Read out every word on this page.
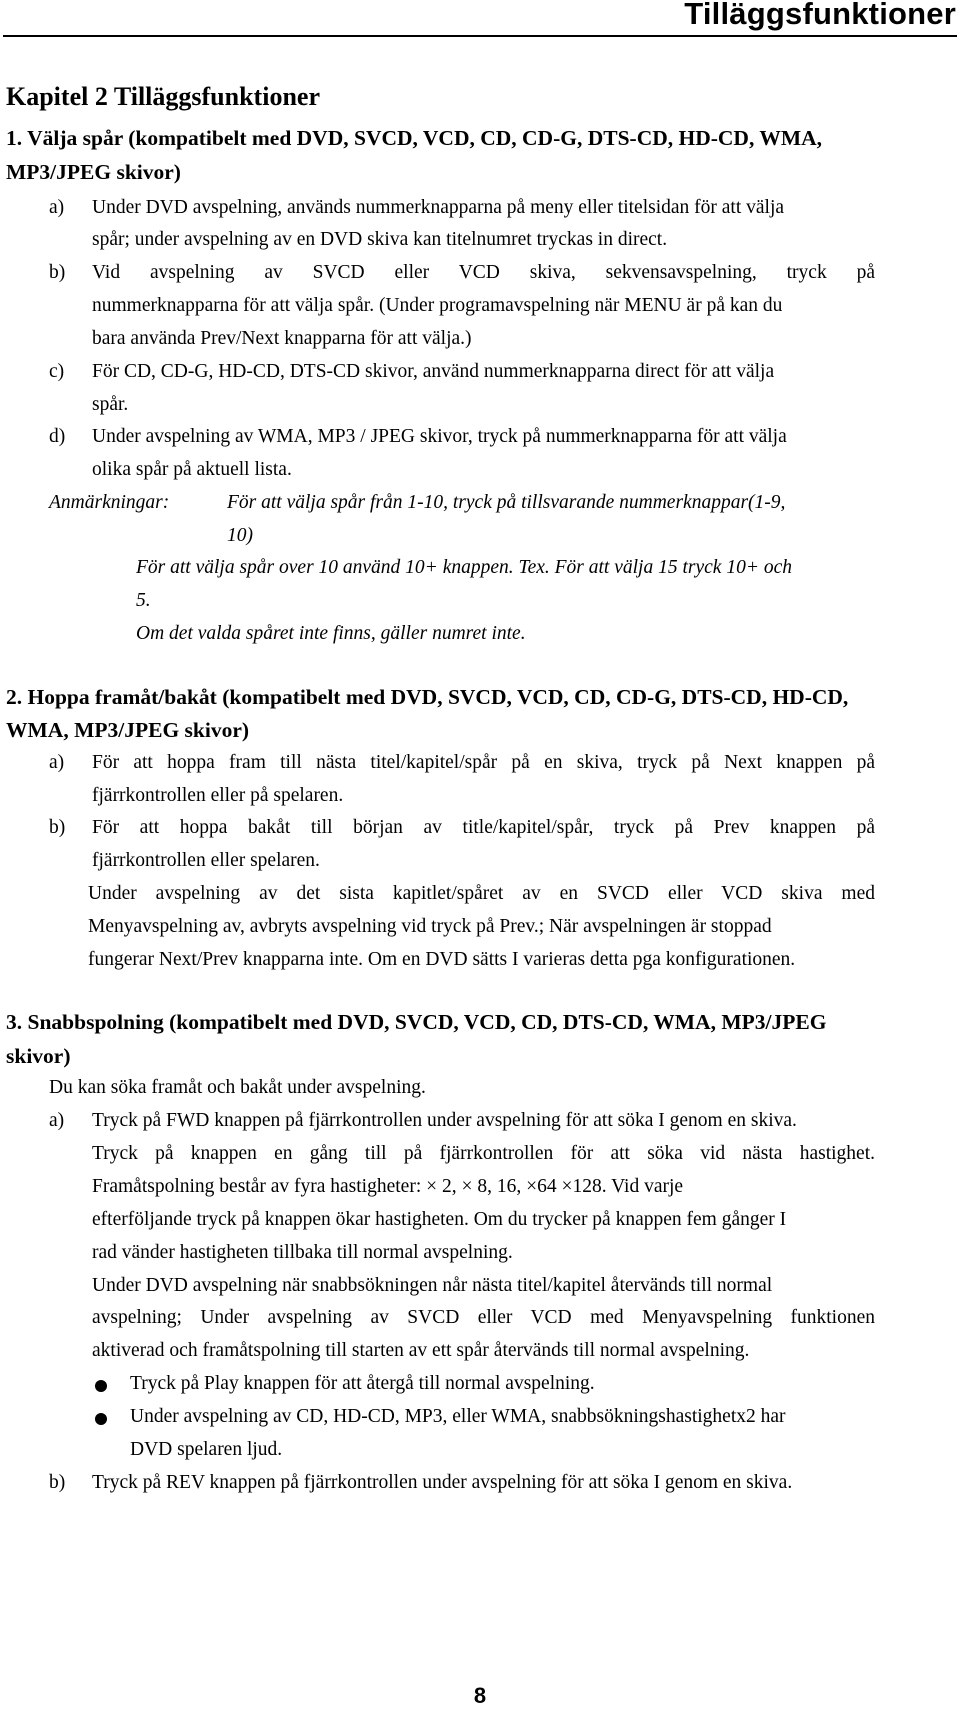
Tilläggsfunktioner
Kapitel 2 Tilläggsfunktioner
1. Välja spår (kompatibelt med DVD, SVCD, VCD, CD, CD-G, DTS-CD, HD-CD, WMA,
MP3/JPEG skivor)
a) Under DVD avspelning, används nummerknapparna på meny eller titelsidan för att välja
spår; under avspelning av en DVD skiva kan titelnumret tryckas in direct.
b) Vid avspelning av SVCD eller VCD skiva, sekvensavspelning, tryck på
nummerknapparna för att välja spår. (Under programavspelning när MENU är på kan du
bara använda Prev/Next knapparna för att välja.)
c) För CD, CD-G, HD-CD, DTS-CD skivor, använd nummerknapparna direct för att välja
spår.
d) Under avspelning av WMA, MP3 / JPEG skivor, tryck på nummerknapparna för att välja
olika spår på aktuell lista.
Anmärkningar:	För att välja spår från 1-10, tryck på tillsvarande nummerknappar(1-9,
10)
För att välja spår over 10 använd 10+ knappen. Tex. För att välja 15 tryck 10+ och
5.
Om det valda spåret inte finns, gäller numret inte.
2. Hoppa framåt/bakåt (kompatibelt med DVD, SVCD, VCD, CD, CD-G, DTS-CD, HD-CD,
WMA, MP3/JPEG skivor)
a) För att hoppa fram till nästa titel/kapitel/spår på en skiva, tryck på Next knappen på
fjärrkontrollen eller på spelaren.
b) För att hoppa bakåt till början av title/kapitel/spår, tryck på Prev knappen på
fjärrkontrollen eller spelaren.
Under avspelning av det sista kapitlet/spåret av en SVCD eller VCD skiva med
Menyavspelning av, avbryts avspelning vid tryck på Prev.; När avspelningen är stoppad
fungerar Next/Prev knapparna inte. Om en DVD sätts I varieras detta pga konfigurationen.
3. Snabbspolning (kompatibelt med DVD, SVCD, VCD, CD, DTS-CD, WMA, MP3/JPEG
skivor)
Du kan söka framåt och bakåt under avspelning.
a) Tryck på FWD knappen på fjärrkontrollen under avspelning för att söka I genom en skiva.
Tryck på knappen en gång till på fjärrkontrollen för att söka vid nästa hastighet.
Framåtspolning består av fyra hastigheter: × 2, × 8, 16, ×64 ×128. Vid varje
efterföljande tryck på knappen ökar hastigheten. Om du trycker på knappen fem gånger I
rad vänder hastigheten tillbaka till normal avspelning.
Under DVD avspelning när snabbsökningen når nästa titel/kapitel återvänds till normal
avspelning; Under avspelning av SVCD eller VCD med Menyavspelning funktionen
aktiverad och framåtspolning till starten av ett spår återvänds till normal avspelning.
Tryck på Play knappen för att återgå till normal avspelning.
Under avspelning av CD, HD-CD, MP3, eller WMA, snabbsökningshastighetx2 har
DVD spelaren ljud.
b) Tryck på REV knappen på fjärrkontrollen under avspelning för att söka I genom en skiva.
8
